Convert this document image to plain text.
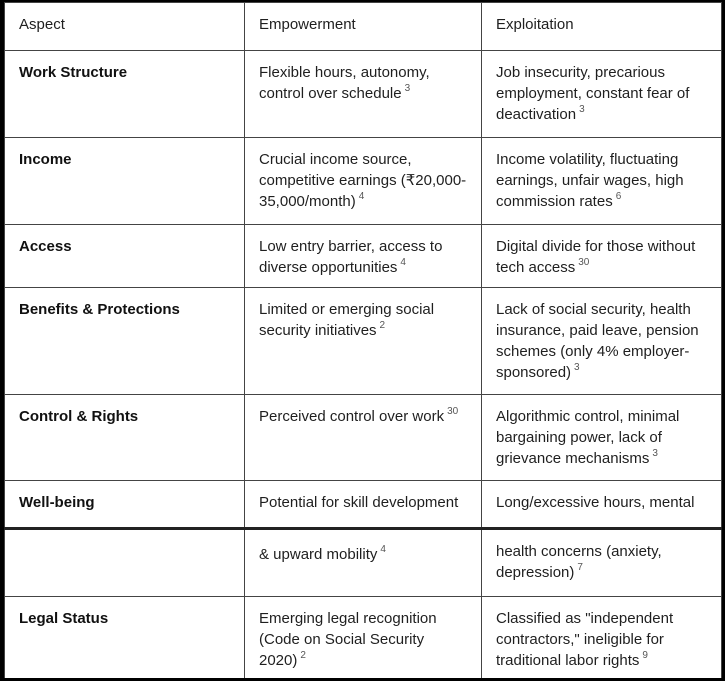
Aspect	Empowerment	Exploitation
Work Structure	Flexible hours, autonomy, control over schedule $^3$	Job insecurity, precarious employment, constant fear of deactivation $^3$
Income	Crucial income source, competitive earnings (₹20,000-35,000/month) $^4$	Income volatility, fluctuating earnings, unfair wages, high commission rates $^6$
Access	Low entry barrier, access to diverse opportunities $^4$	Digital divide for those without tech access $^{30}$
Benefits & Protections	Limited or emerging social security initiatives $^2$	Lack of social security, health insurance, paid leave, pension schemes (only 4% employer-sponsored) $^3$
Control & Rights	Perceived control over work $^{30}$	Algorithmic control, minimal bargaining power, lack of grievance mechanisms $^3$
Well-being	Potential for skill development	Long/excessive hours, mental
	& upward mobility $^4$	health concerns (anxiety, depression) $^7$
Legal Status	Emerging legal recognition (Code on Social Security 2020) $^2$	Classified as "independent contractors," ineligible for traditional labor rights $^9$
